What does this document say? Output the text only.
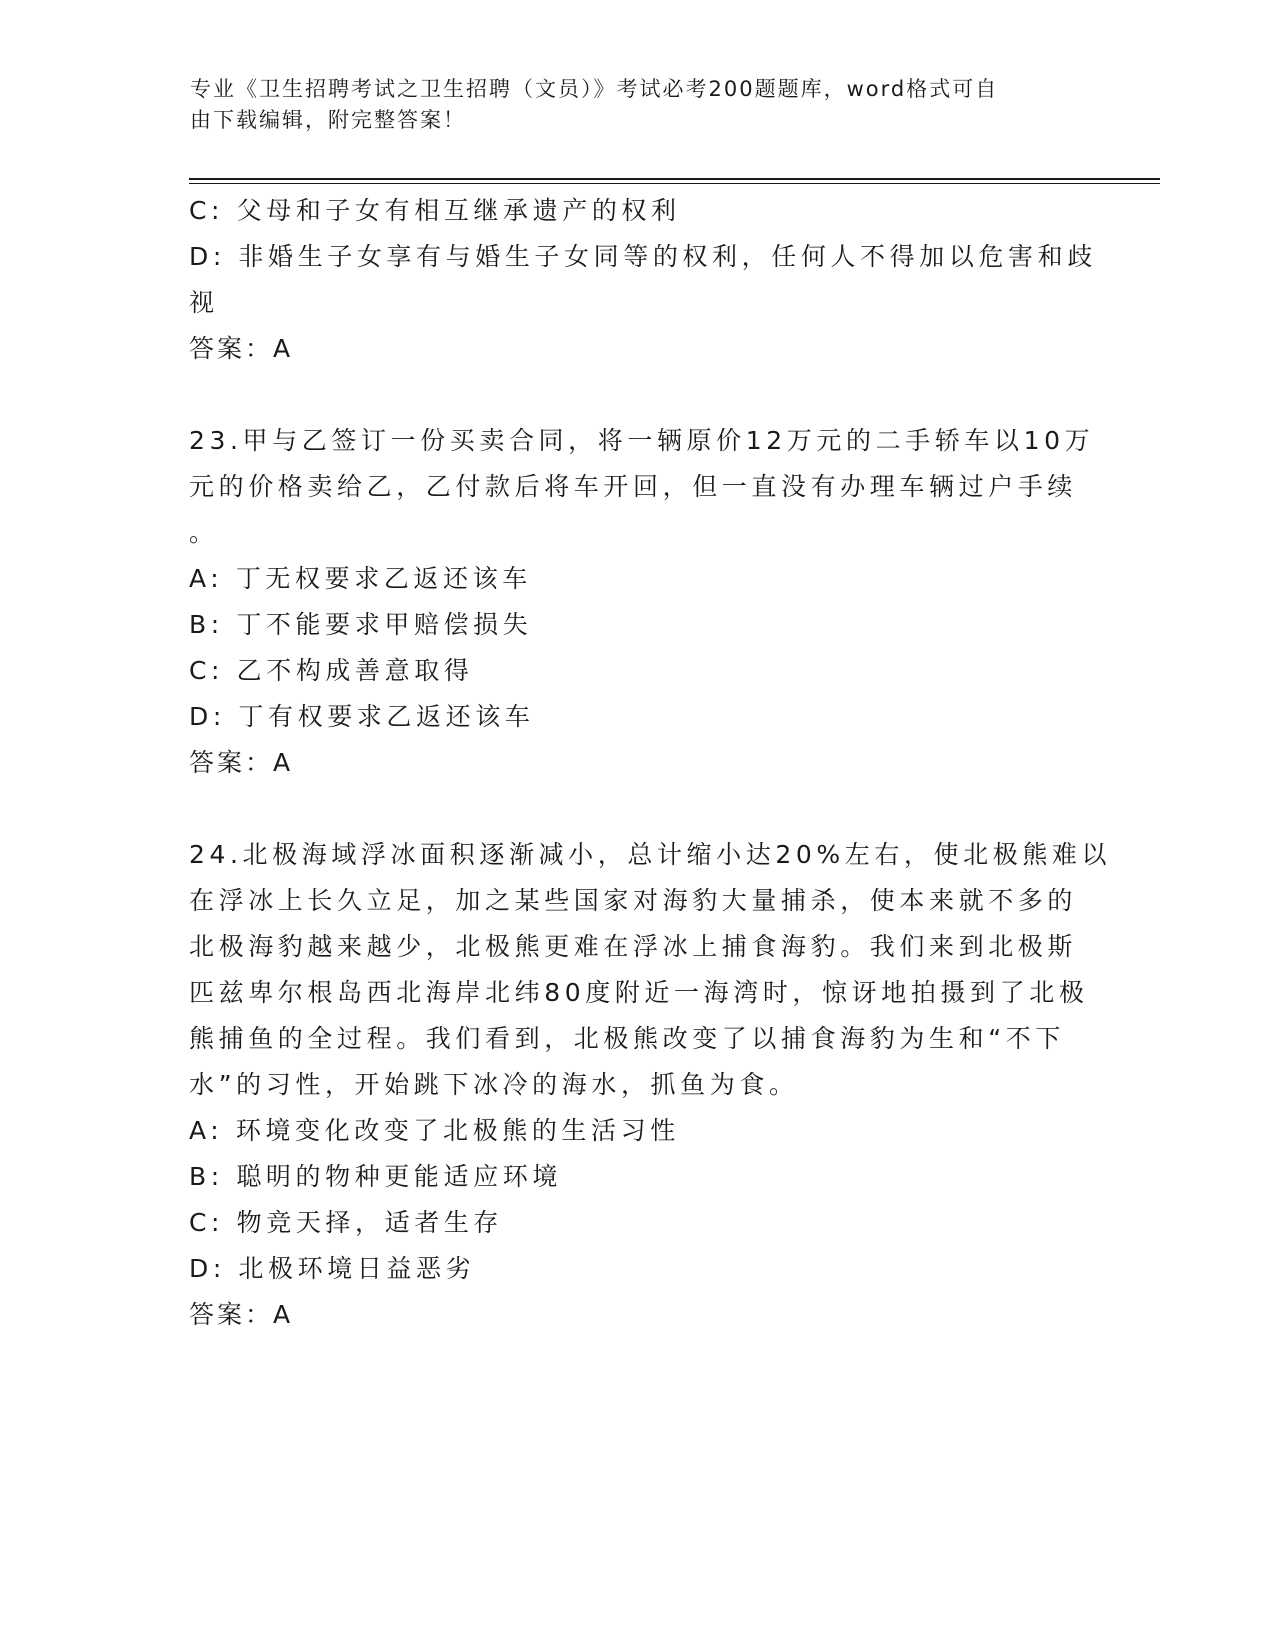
专业《卫生招聘考试之卫生招聘（文员）》考试必考200题题库，word格式可自
由下载编辑，附完整答案！
C: 父母和子女有相互继承遗产的权利
D: 非婚生子女享有与婚生子女同等的权利，任何人不得加以危害和歧
视
答案：A
23.甲与乙签订一份买卖合同，将一辆原价12万元的二手轿车以10万
元的价格卖给乙，乙付款后将车开回，但一直没有办理车辆过户手续
。
A: 丁无权要求乙返还该车
B: 丁不能要求甲赔偿损失
C: 乙不构成善意取得
D: 丁有权要求乙返还该车
答案：A
24.北极海域浮冰面积逐渐减小，总计缩小达20%左右，使北极熊难以
在浮冰上长久立足，加之某些国家对海豹大量捕杀，使本来就不多的
北极海豹越来越少，北极熊更难在浮冰上捕食海豹。我们来到北极斯
匹兹卑尔根岛西北海岸北纬80度附近一海湾时，惊讶地拍摄到了北极
熊捕鱼的全过程。我们看到，北极熊改变了以捕食海豹为生和“不下
水”的习性，开始跳下冰冷的海水，抓鱼为食。
A: 环境变化改变了北极熊的生活习性
B: 聪明的物种更能适应环境
C: 物竞天择，适者生存
D: 北极环境日益恶劣
答案：A
